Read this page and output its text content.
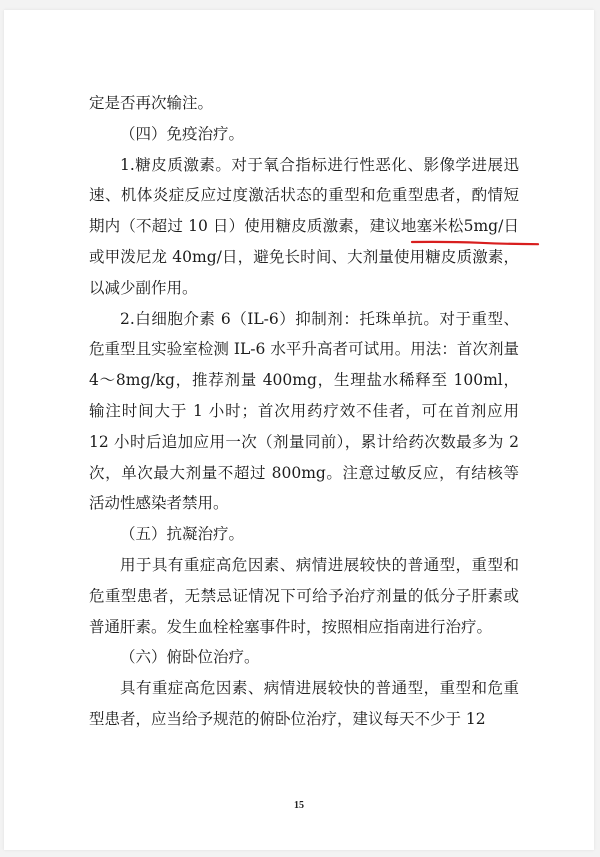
定是否再次输注。
（四）免疫治疗。
1.糖皮质激素。对于氧合指标进行性恶化、影像学进展迅速、机体炎症反应过度激活状态的重型和危重型患者，酌情短期内（不超过 10 日）使用糖皮质激素，建议地塞米松5mg/日或甲泼尼龙 40mg/日，避免长时间、大剂量使用糖皮质激素，以减少副作用。
2.白细胞介素 6（IL-6）抑制剂：托珠单抗。对于重型、危重型且实验室检测 IL-6 水平升高者可试用。用法：首次剂量 4～8mg/kg，推荐剂量 400mg，生理盐水稀释至 100ml，输注时间大于 1 小时；首次用药疗效不佳者，可在首剂应用 12 小时后追加应用一次（剂量同前），累计给药次数最多为 2 次，单次最大剂量不超过 800mg。注意过敏反应，有结核等活动性感染者禁用。
（五）抗凝治疗。
用于具有重症高危因素、病情进展较快的普通型，重型和危重型患者，无禁忌证情况下可给予治疗剂量的低分子肝素或普通肝素。发生血栓栓塞事件时，按照相应指南进行治疗。
（六）俯卧位治疗。
具有重症高危因素、病情进展较快的普通型，重型和危重型患者，应当给予规范的俯卧位治疗，建议每天不少于 12
15
